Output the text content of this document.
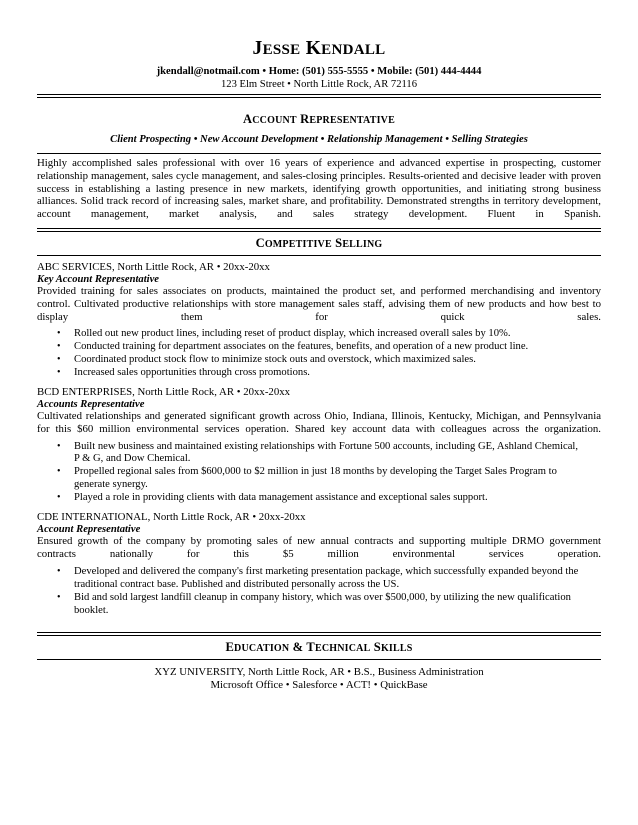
JESSE KENDALL
jkendall@notmail.com • Home: (501) 555-5555 • Mobile: (501) 444-4444
123 Elm Street • North Little Rock, AR 72116
ACCOUNT REPRESENTATIVE
Client Prospecting • New Account Development • Relationship Management • Selling Strategies
Highly accomplished sales professional with over 16 years of experience and advanced expertise in prospecting, customer relationship management, sales cycle management, and sales-closing principles. Results-oriented and decisive leader with proven success in establishing a lasting presence in new markets, identifying growth opportunities, and initiating strong business alliances. Solid track record of increasing sales, market share, and profitability. Demonstrated strengths in territory development, account management, market analysis, and sales strategy development. Fluent in Spanish.
COMPETITIVE SELLING
ABC SERVICES, North Little Rock, AR • 20xx-20xx
Key Account Representative
Provided training for sales associates on products, maintained the product set, and performed merchandising and inventory control. Cultivated productive relationships with store management sales staff, advising them of new products and how best to display them for quick sales.
• Rolled out new product lines, including reset of product display, which increased overall sales by 10%.
• Conducted training for department associates on the features, benefits, and operation of a new product line.
• Coordinated product stock flow to minimize stock outs and overstock, which maximized sales.
• Increased sales opportunities through cross promotions.
BCD ENTERPRISES, North Little Rock, AR • 20xx-20xx
Accounts Representative
Cultivated relationships and generated significant growth across Ohio, Indiana, Illinois, Kentucky, Michigan, and Pennsylvania for this $60 million environmental services operation. Shared key account data with colleagues across the organization.
• Built new business and maintained existing relationships with Fortune 500 accounts, including GE, Ashland Chemical, P & G, and Dow Chemical.
• Propelled regional sales from $600,000 to $2 million in just 18 months by developing the Target Sales Program to generate synergy.
• Played a role in providing clients with data management assistance and exceptional sales support.
CDE INTERNATIONAL, North Little Rock, AR • 20xx-20xx
Account Representative
Ensured growth of the company by promoting sales of new annual contracts and supporting multiple DRMO government contracts nationally for this $5 million environmental services operation.
• Developed and delivered the company's first marketing presentation package, which successfully expanded beyond the traditional contract base. Published and distributed personally across the US.
• Bid and sold largest landfill cleanup in company history, which was over $500,000, by utilizing the new qualification booklet.
EDUCATION & TECHNICAL SKILLS
XYZ UNIVERSITY, North Little Rock, AR • B.S., Business Administration
Microsoft Office • Salesforce • ACT! • QuickBase
